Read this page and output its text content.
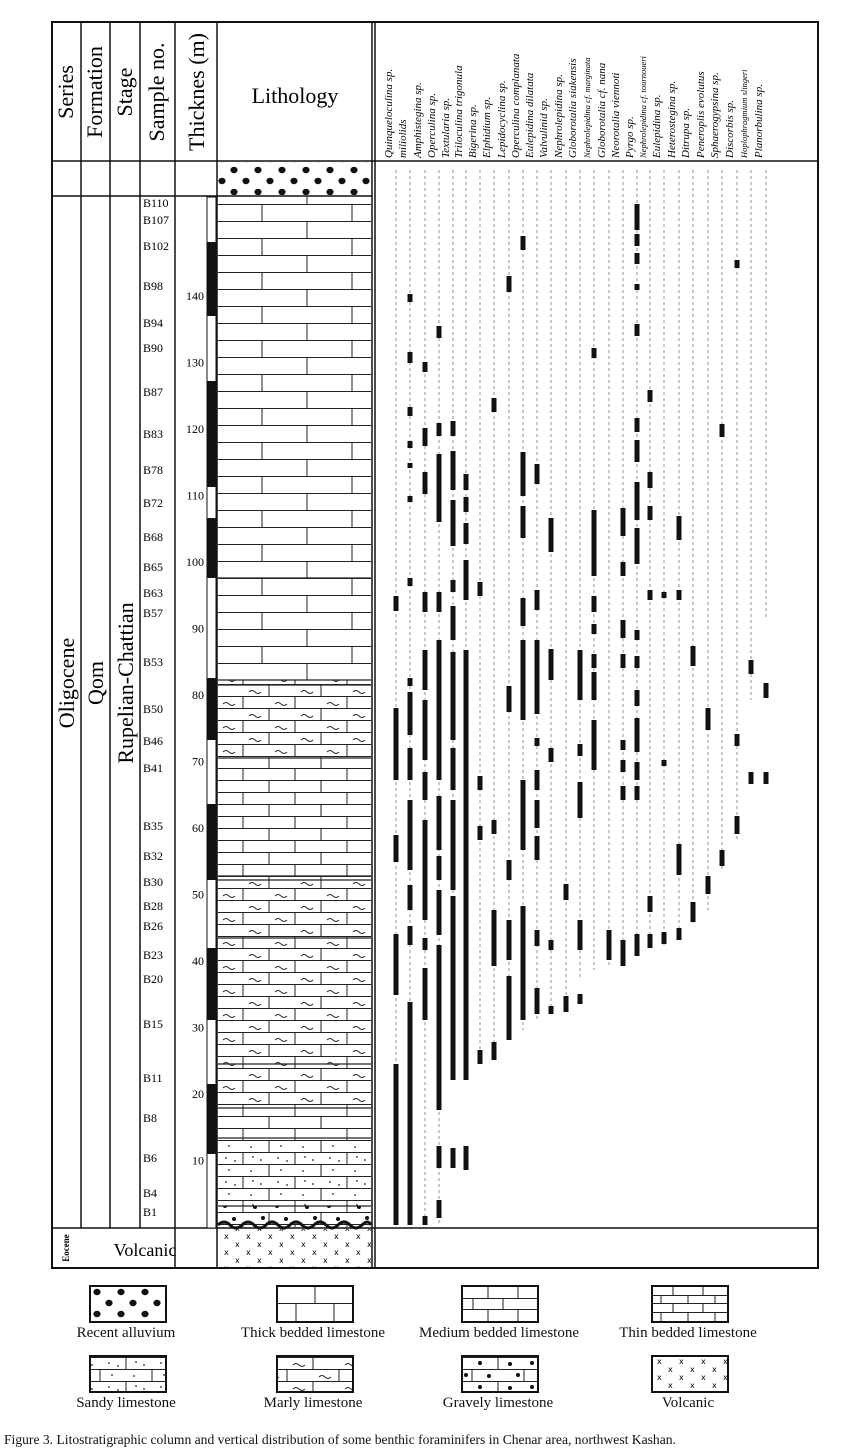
Series Formation Stage Sample no. Thicknes (m) Lithology
Oligocene Qom Rupelian-Chattian
Eocene Volcanic
B110
B107
B102
B98
B94
B90
B87
B83
B78
B72
B68
B65
B63
B57
B53
B50
B46
B41
B35
B32
B30
B28
B26
B23
B20
B15
B11
B8
B6
B4
B1
140
130
120
110
100
90
80
70
60
50
40
30
20
10
Quinqueloculina sp. miliolids Amphistegina sp. Operculina sp. Textularia sp. Triloculina trigonula Bigerina sp. Elphidium sp. Lepidocyclina sp. Operculina complanata Eulepidina dilatata Valvulinid sp. Nephrolepidina sp. Globorotalia siakensis Nephrolepidina cf. marginata Globorotalia cf. nana Neorotalia viennoti Pyrgo sp. Nephrolepidina cf. tournoueri Eulepidina sp. Heterostegina sp. Ditrupa sp. Peneroplis evolutus Sphaerogypsina sp. Discorbis sp. Hoplophragmium slingeri Planorbulina sp.
Recent alluvium	Thick bedded limestone	Medium bedded limestone	Thin bedded limestone
Sandy limestone	Marly limestone	Gravely limestone	Volcanic
Figure 3. Litostratigraphic column and vertical distribution of some benthic foraminifers in Chenar area, northwest Kashan.
